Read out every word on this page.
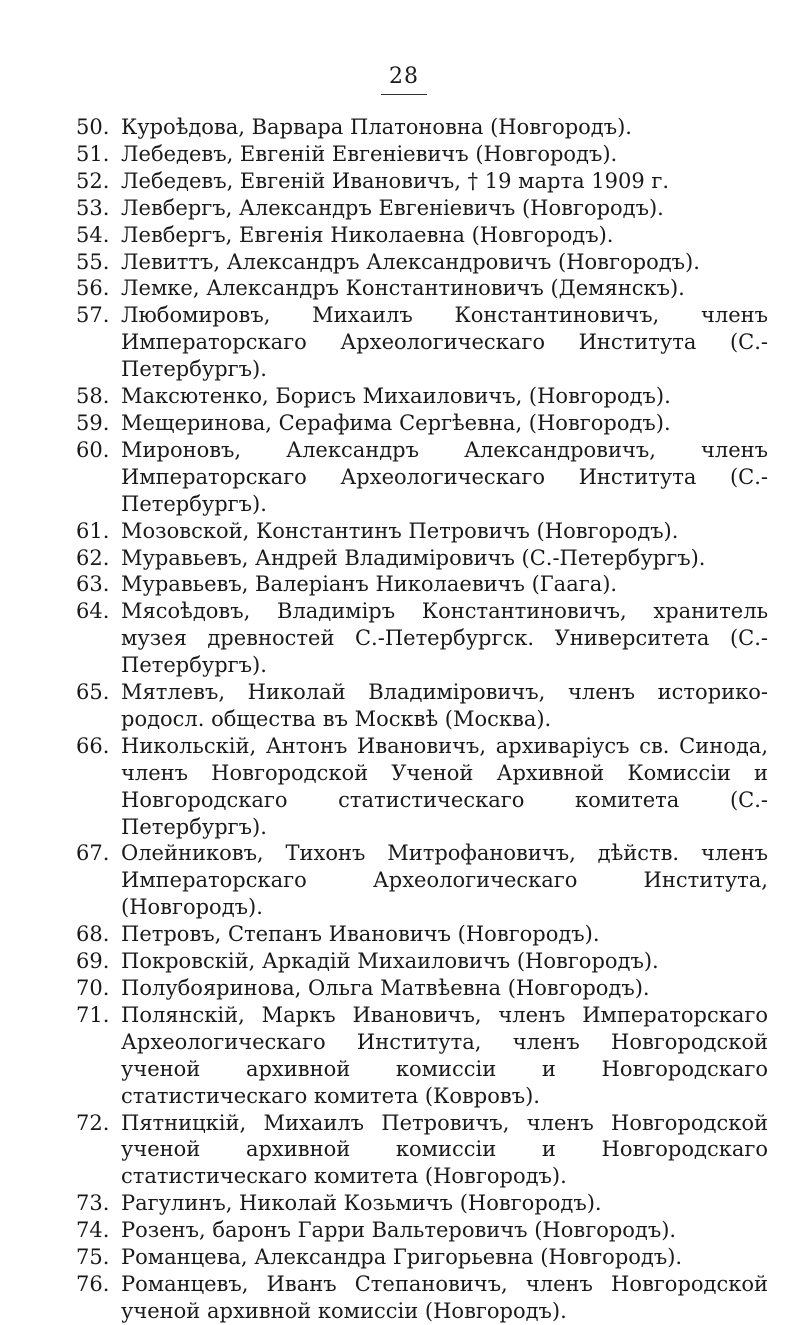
28
50. Куроѣдова, Варвара Платоновна (Новгородъ).
51. Лебедевъ, Евгеній Евгеніевичъ (Новгородъ).
52. Лебедевъ, Евгеній Ивановичъ, † 19 марта 1909 г.
53. Левбергъ, Александръ Евгеніевичъ (Новгородъ).
54. Левбергъ, Евгенія Николаевна (Новгородъ).
55. Левиттъ, Александръ Александровичъ (Новгородъ).
56. Лемке, Александръ Константиновичъ (Демянскъ).
57. Любомировъ, Михаилъ Константиновичъ, членъ Императорскаго Археологическаго Института (С.-Петербургъ).
58. Максютенко, Борисъ Михаиловичъ, (Новгородъ).
59. Мещеринова, Серафима Сергѣевна, (Новгородъ).
60. Мироновъ, Александръ Александровичъ, членъ Императорскаго Археологическаго Института (С.-Петербургъ).
61. Мозовской, Константинъ Петровичъ (Новгородъ).
62. Муравьевъ, Андрей Владиміровичъ (С.-Петербургъ).
63. Муравьевъ, Валеріанъ Николаевичъ (Гаага).
64. Мясоѣдовъ, Владиміръ Константиновичъ, хранитель музея древностей С.-Петербургск. Университета (С.-Петербургъ).
65. Мятлевъ, Николай Владиміровичъ, членъ историко-родосл. общества въ Москвѣ (Москва).
66. Никольскій, Антонъ Ивановичъ, архиваріусъ св. Синода, членъ Новгородской Ученой Архивной Комиссіи и Новгородскаго статистическаго комитета (С.-Петербургъ).
67. Олейниковъ, Тихонъ Митрофановичъ, дѣйств. членъ Императорскаго Археологическаго Института, (Новгородъ).
68. Петровъ, Степанъ Ивановичъ (Новгородъ).
69. Покровскій, Аркадій Михаиловичъ (Новгородъ).
70. Полубояринова, Ольга Матвѣевна (Новгородъ).
71. Полянскій, Маркъ Ивановичъ, членъ Императорскаго Археологическаго Института, членъ Новгородской ученой архивной комиссіи и Новгородскаго статистическаго комитета (Ковровъ).
72. Пятницкій, Михаилъ Петровичъ, членъ Новгородской ученой архивной комиссіи и Новгородскаго статистическаго комитета (Новгородъ).
73. Рагулинъ, Николай Козьмичъ (Новгородъ).
74. Розенъ, баронъ Гарри Вальтеровичъ (Новгородъ).
75. Романцева, Александра Григорьевна (Новгородъ).
76. Романцевъ, Иванъ Степановичъ, членъ Новгородской ученой архивной комиссіи (Новгородъ).
